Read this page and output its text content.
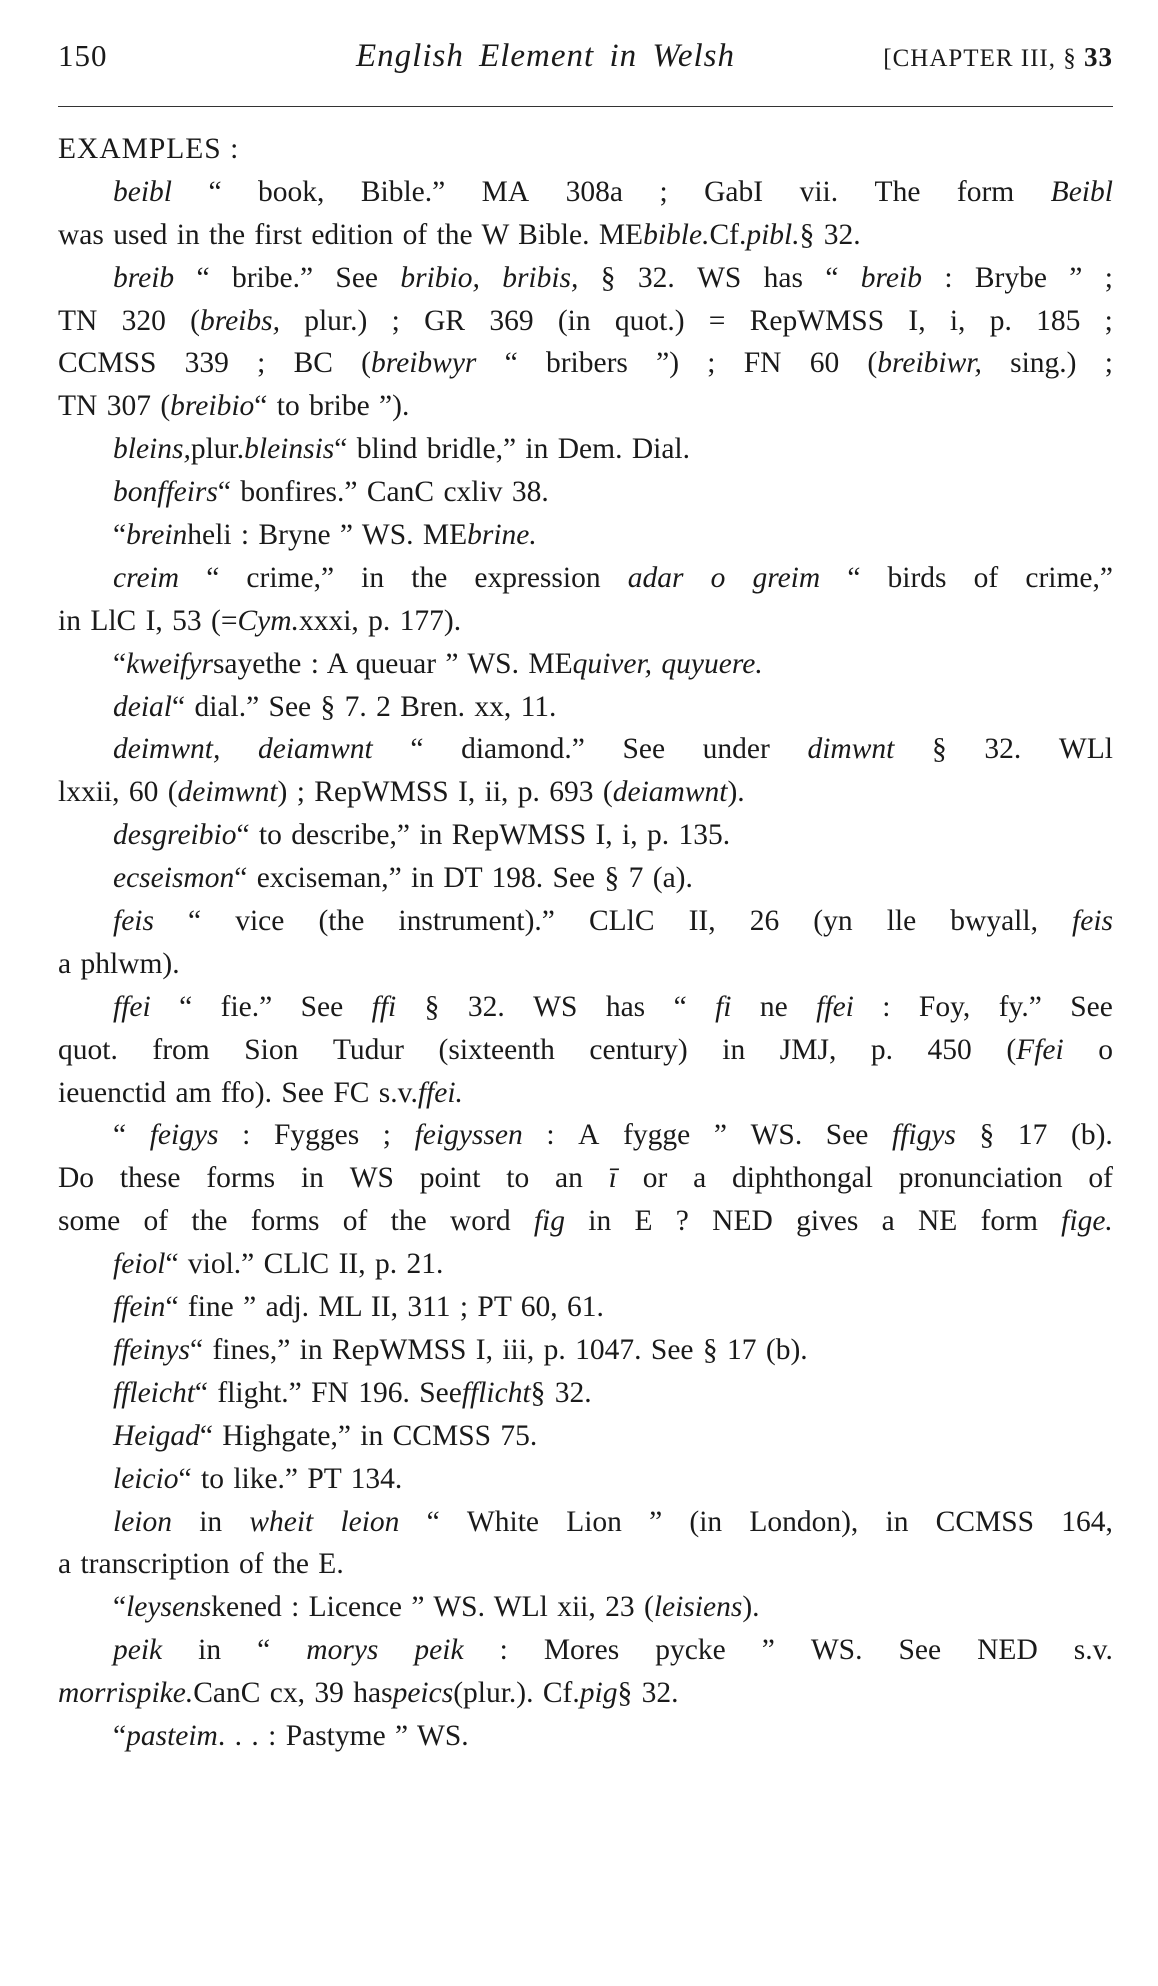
150	English Element in Welsh	[CHAPTER III, § 33
EXAMPLES :
beibl “ book, Bible.” MA 308a ; GabI vii. The form Beibl
was used in the first edition of the W Bible. ME bible. Cf. pibl. § 32.
breib “ bribe.” See bribio, bribis, § 32. WS has “ breib : Brybe ” ;
TN 320 (breibs, plur.) ; GR 369 (in quot.) = RepWMSS I, i, p. 185 ;
CCMSS 339 ; BC (breibwyr “ bribers ”) ; FN 60 (breibiwr, sing.) ;
TN 307 ( breibio “ to bribe ”).
bleins, plur. bleinsis “ blind bridle,” in Dem. Dial.
bonffeirs “ bonfires.” CanC cxliv 38.
“ brein heli : Bryne ” WS. ME brine.
creim “ crime,” in the expression adar o greim “ birds of crime,”
in LlC I, 53 (= Cym. xxxi, p. 177).
“ kweifyr sayethe : A queuar ” WS. ME quiver, quyuere.
deial “ dial.” See § 7. 2 Bren. xx, 11.
deimwnt, deiamwnt “ diamond.” See under dimwnt § 32. WLl
lxxii, 60 ( deimwnt ) ; RepWMSS I, ii, p. 693 ( deiamwnt ).
desgreibio “ to describe,” in RepWMSS I, i, p. 135.
ecseismon “ exciseman,” in DT 198. See § 7 (a).
feis “ vice (the instrument).” CLlC II, 26 (yn lle bwyall, feis
a phlwm).
ffei “ fie.” See ffi § 32. WS has “ fi ne ffei : Foy, fy.” See
quot. from Sion Tudur (sixteenth century) in JMJ, p. 450 (Ffei o
ieuenctid am ffo). See FC s.v. ffei.
“ feigys : Fygges ; feigyssen : A fygge ” WS. See ffigys § 17 (b).
Do these forms in WS point to an ī or a diphthongal pronunciation of
some of the forms of the word fig in E ? NED gives a NE form fige.
feiol “ viol.” CLlC II, p. 21.
ffein “ fine ” adj. ML II, 311 ; PT 60, 61.
ffeinys “ fines,” in RepWMSS I, iii, p. 1047. See § 17 (b).
ffleicht “ flight.” FN 196. See fflicht § 32.
Heigad “ Highgate,” in CCMSS 75.
leicio “ to like.” PT 134.
leion in wheit leion “ White Lion ” (in London), in CCMSS 164,
a transcription of the E.
“ leysens kened : Licence ” WS. WLl xii, 23 ( leisiens ).
peik in “ morys peik : Mores pycke ” WS. See NED s.v.
morrispike. CanC cx, 39 has peics (plur.). Cf. pig § 32.
“ pasteim . . . : Pastyme ” WS.
